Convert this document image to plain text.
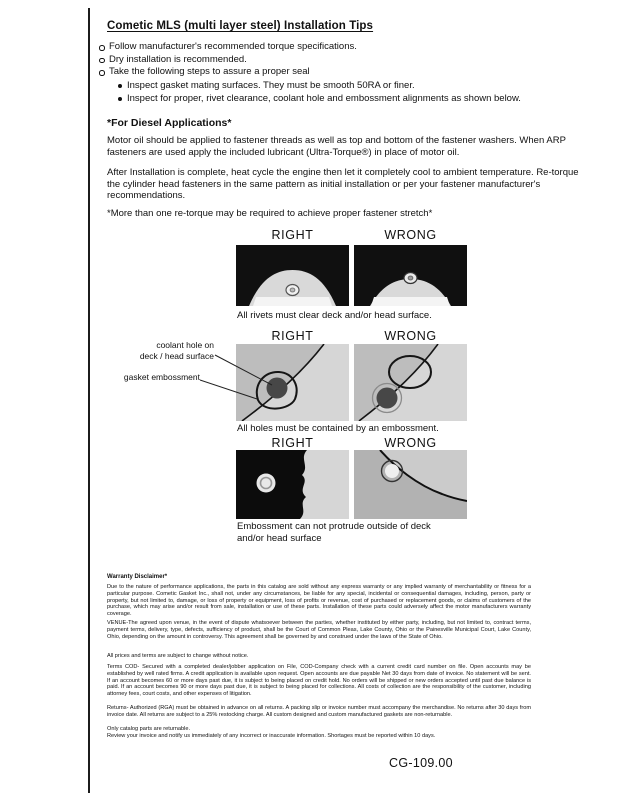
Cometic MLS (multi layer steel) Installation Tips
Follow manufacturer's recommended torque specifications.
Dry installation is recommended.
Take the following steps to assure a proper seal
Inspect gasket mating surfaces. They must be smooth 50RA or finer.
Inspect for proper, rivet clearance, coolant hole and embossment alignments as shown below.
*For Diesel Applications*

Motor oil should be applied to fastener threads as well as top and bottom of the fastener washers. When ARP fasteners are used apply the included lubricant (Ultra-Torque®) in place of motor oil.

After Installation is complete, heat cycle the engine then let it completely cool to ambient temperature. Re-torque the cylinder head fasteners in the same pattern as initial installation or per your fastener manufacturer's recommendations.

*More than one re-torque may be required to achieve proper fastener stretch*

RIGHT	WRONG
All rivets must clear deck and/or head surface.
RIGHT	WRONG
coolant hole on
deck / head surface
gasket embossment
All holes must be contained by an embossment.
RIGHT	WRONG
Embossment can not protrude outside of deck
and/or head surface
Warranty Disclaimer*
Due to the nature of performance applications, the parts in this catalog are sold without any express warranty or any implied warranty of merchantability or fitness for a particular purpose. Cometic Gasket Inc., shall not, under any circumstances, be liable for any special, incidental or consequential damages, including, person, party or property, but not limited to, damage, or loss of property or equipment, loss of profits or revenue, cost of purchased or replacement goods, or claims of customers of the purchase, which may arise and/or result from sale, installation or use of these parts. Installation of these parts could adversely affect the motor manufacturers warranty coverage.
VENUE-The agreed upon venue, in the event of dispute whatsoever between the parties, whether instituted by either party, including, but not limited to, contract terms, payment terms, delivery, type, defects, sufficiency of product, shall be the Court of Common Pleas, Lake County, Ohio or the Painesville Municipal Court, Lake County, Ohio, depending on the amount in controversy. This agreement shall be governed by and construed under the laws of the State of Ohio.
All prices and terms are subject to change without notice.
Terms COD- Secured with a completed dealer/jobber application on File, COD-Company check with a current credit card number on file. Open accounts may be established by well rated firms. A credit application is available upon request. Open accounts are due payable Net 30 days from date of invoice. No statement will be sent. If an account becomes 60 or more days past due, it is subject to being placed on credit hold. No orders will be shipped or new orders accepted until past due balance is paid. If an account becomes 90 or more days past due, it is subject to being placed for collections. All costs of collection are the responsibility of the customer, including attorney fees, court costs, and other expenses of litigation.
Returns- Authorized (RGA) must be obtained in advance on all returns. A packing slip or invoice number must accompany the merchandise. No returns after 30 days from invoice date. All returns are subject to a 25% restocking charge. All custom designed and custom manufactured gaskets are non-returnable.
Only catalog parts are returnable.
Review your invoice and notify us immediately of any incorrect or inaccurate information. Shortages must be reported within 10 days.
CG-109.00
